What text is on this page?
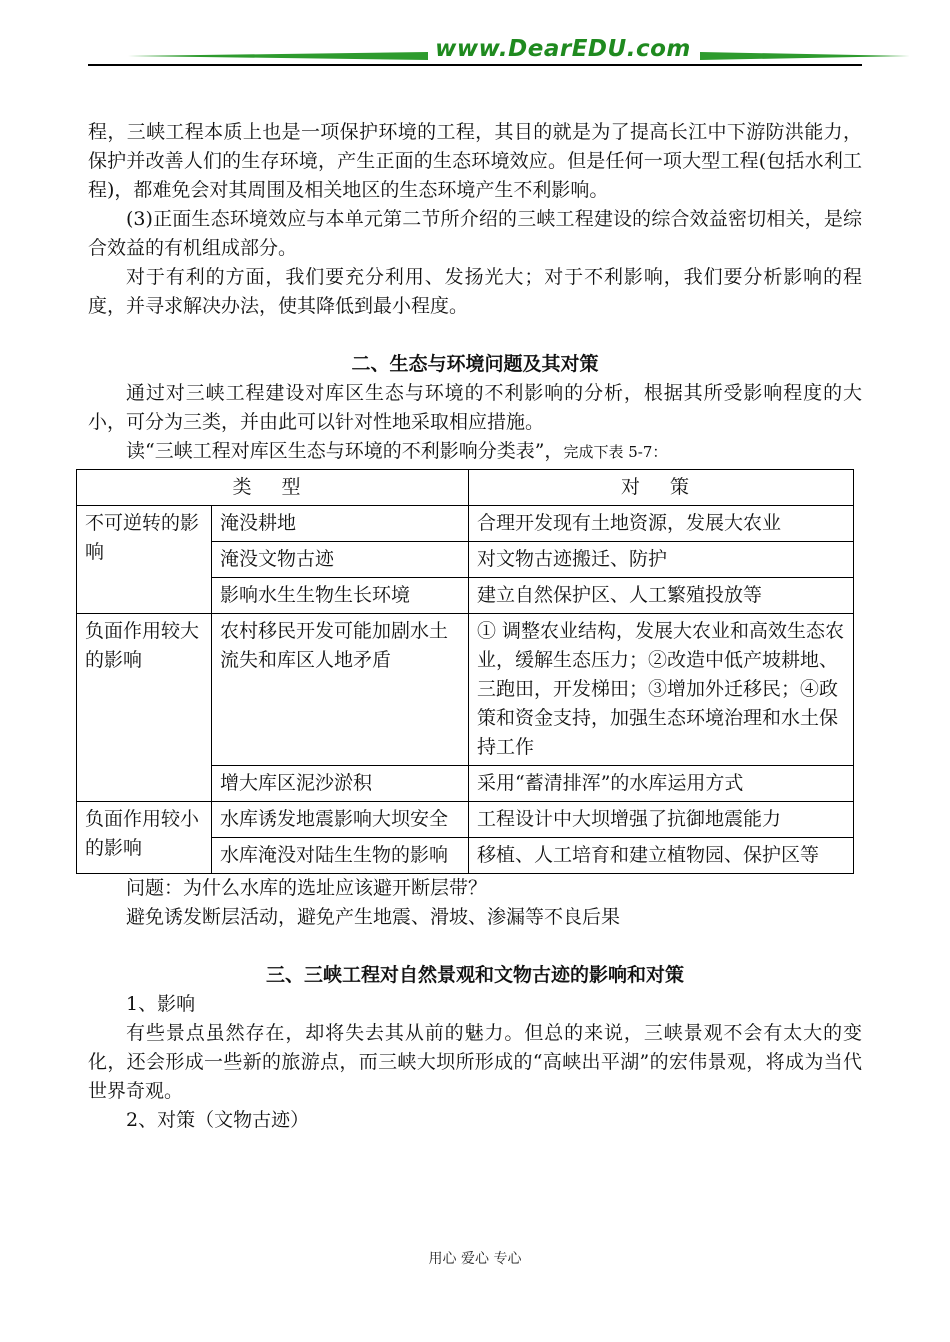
www.DearEDU.com

程，三峡工程本质上也是一项保护环境的工程，其目的就是为了提高长江中下游防洪能力，保护并改善人们的生存环境，产生正面的生态环境效应。但是任何一项大型工程(包括水利工程)，都难免会对其周围及相关地区的生态环境产生不利影响。

(3)正面生态环境效应与本单元第二节所介绍的三峡工程建设的综合效益密切相关，是综合效益的有机组成部分。

对于有利的方面，我们要充分利用、发扬光大；对于不利影响，我们要分析影响的程度，并寻求解决办法，使其降低到最小程度。

二、生态与环境问题及其对策

通过对三峡工程建设对库区生态与环境的不利影响的分析，根据其所受影响程度的大小，可分为三类，并由此可以针对性地采取相应措施。

读“三峡工程对库区生态与环境的不利影响分类表”，完成下表 5-7：

类 型		对 策
不可逆转的影响	淹没耕地	合理开发现有土地资源，发展大农业
	淹没文物古迹	对文物古迹搬迁、防护
	影响水生生物生长环境	建立自然保护区、人工繁殖投放等
负面作用较大的影响	农村移民开发可能加剧水土流失和库区人地矛盾	① 调整农业结构，发展大农业和高效生态农业，缓解生态压力；②改造中低产坡耕地、三跑田，开发梯田；③增加外迁移民；④政策和资金支持，加强生态环境治理和水土保持工作
	增大库区泥沙淤积	采用“蓄清排浑”的水库运用方式
负面作用较小的影响	水库诱发地震影响大坝安全	工程设计中大坝增强了抗御地震能力
	水库淹没对陆生生物的影响	移植、人工培育和建立植物园、保护区等

问题：为什么水库的选址应该避开断层带？

避免诱发断层活动，避免产生地震、滑坡、渗漏等不良后果

三、三峡工程对自然景观和文物古迹的影响和对策

1、影响

有些景点虽然存在，却将失去其从前的魅力。但总的来说，三峡景观不会有太大的变化，还会形成一些新的旅游点，而三峡大坝所形成的“高峡出平湖”的宏伟景观，将成为当代世界奇观。

2、对策（文物古迹）

用心 爱心 专心
